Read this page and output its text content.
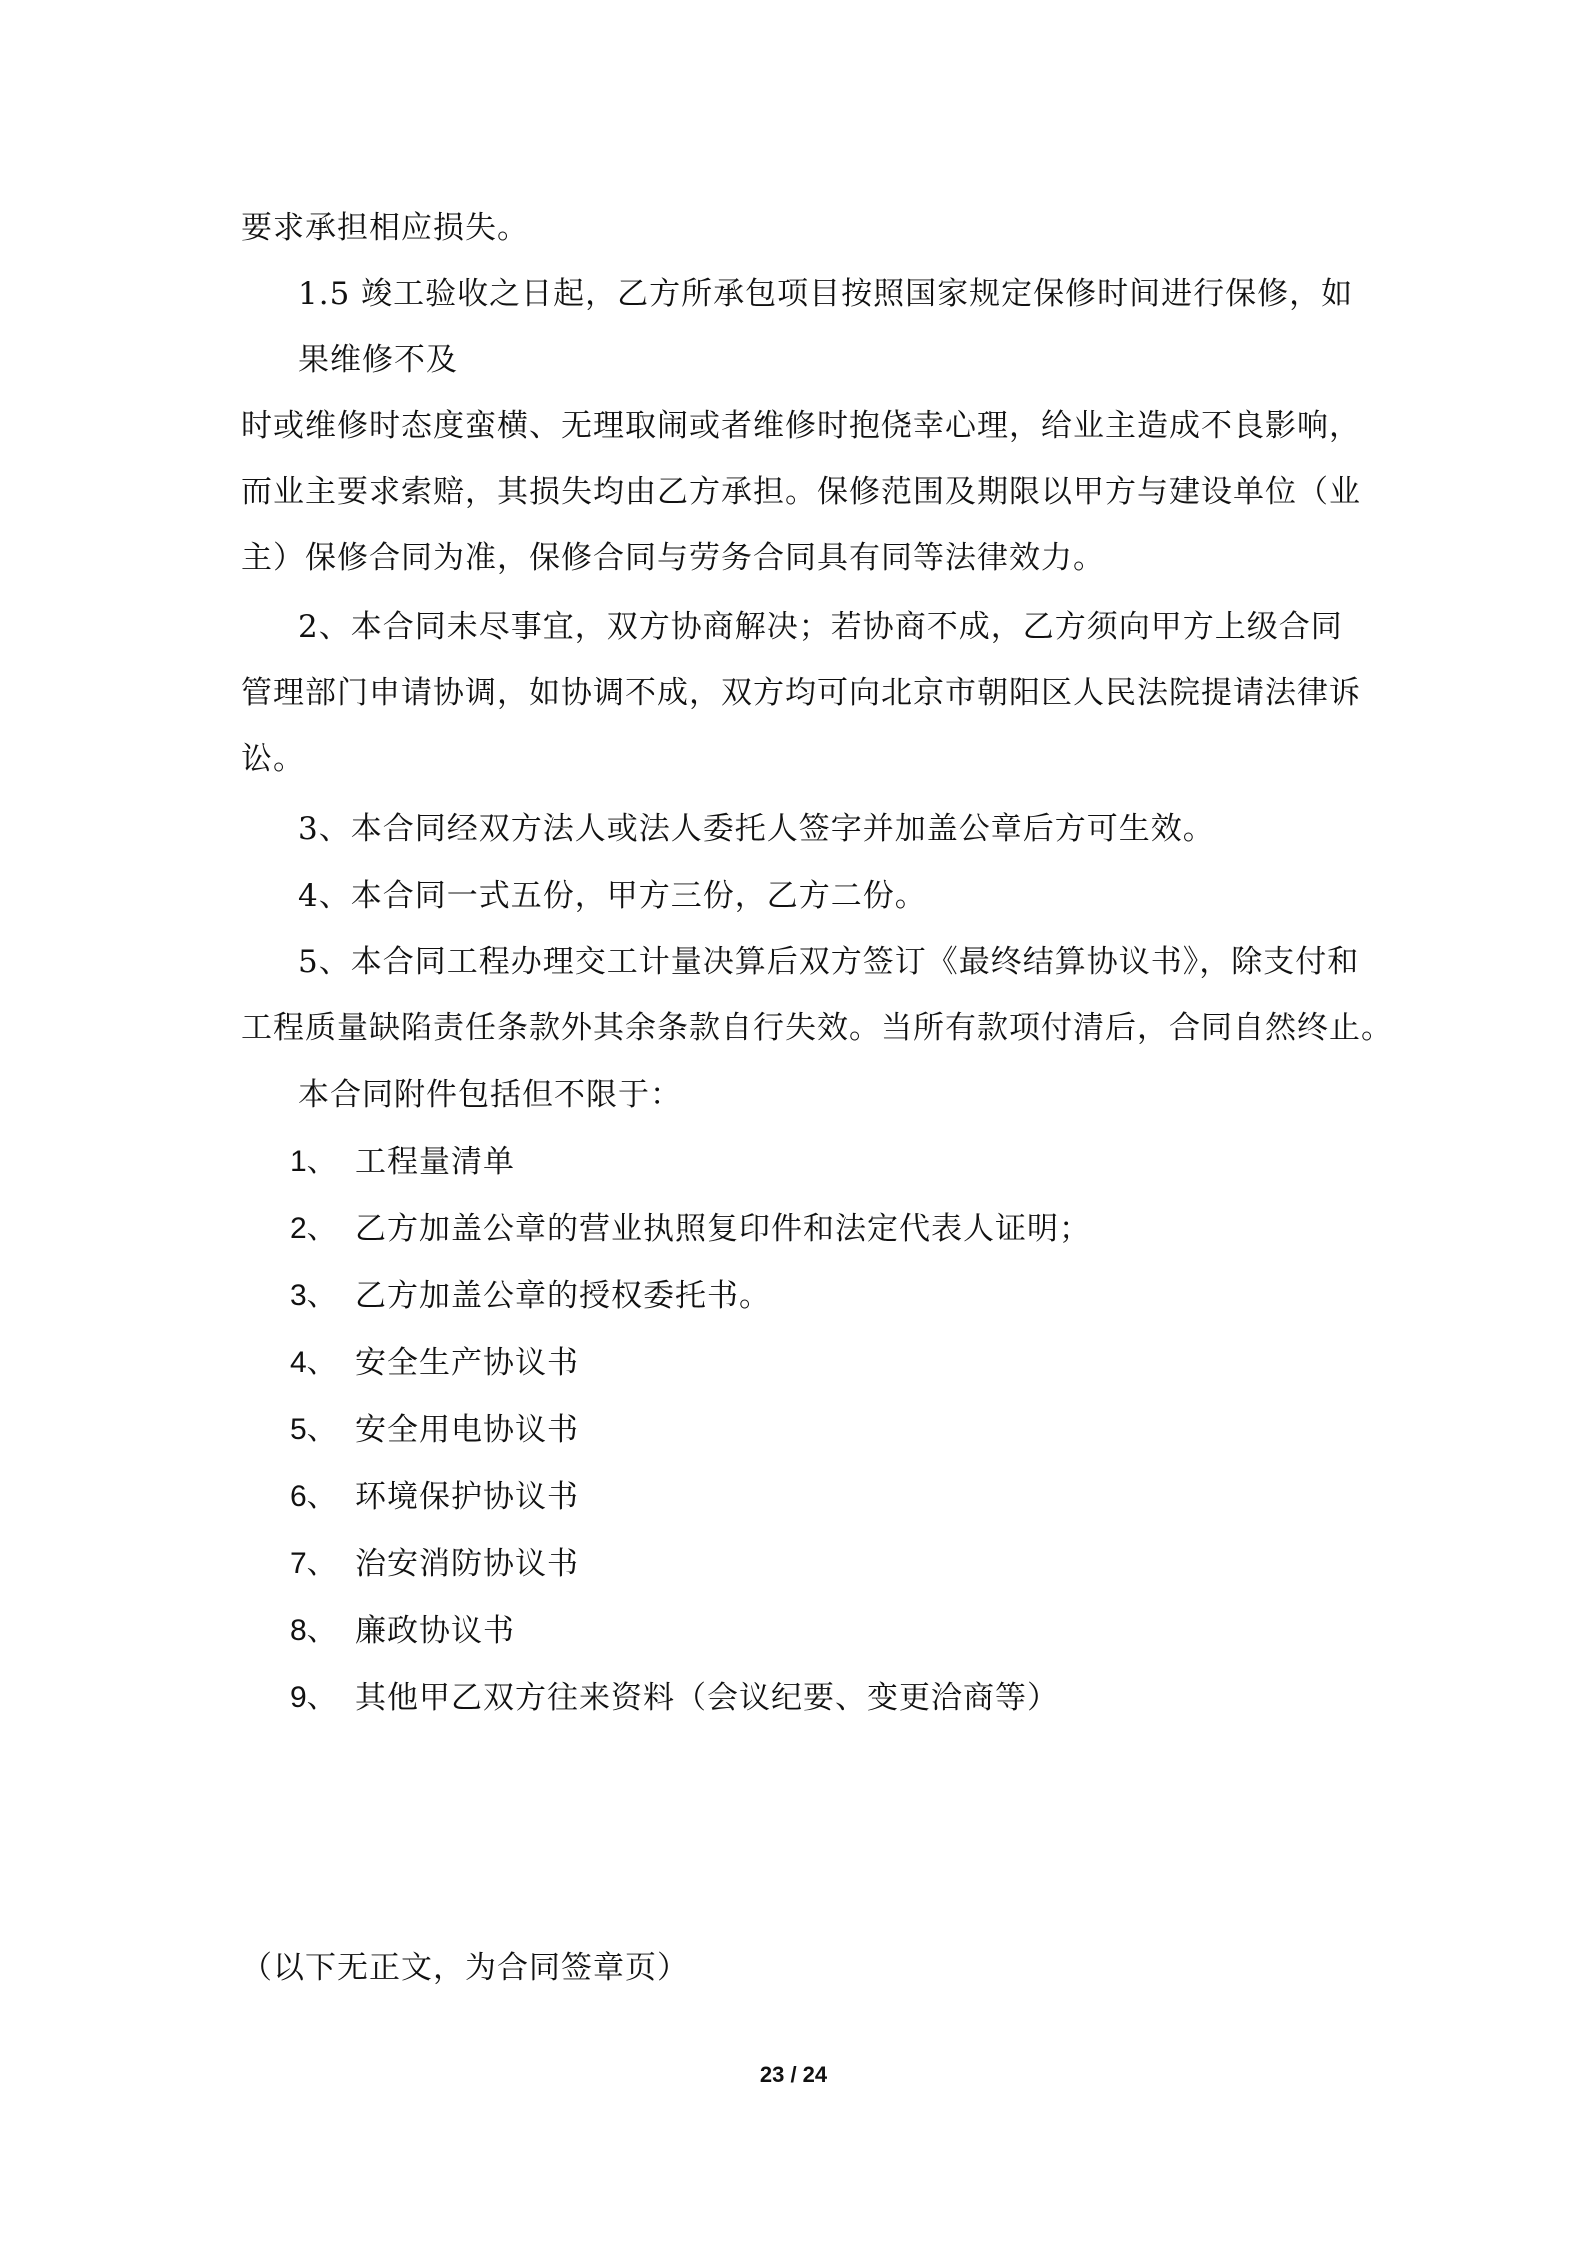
要求承担相应损失。
1.5 竣工验收之日起，乙方所承包项目按照国家规定保修时间进行保修，如
果维修不及
时或维修时态度蛮横、无理取闹或者维修时抱侥幸心理，给业主造成不良影响，
而业主要求索赔，其损失均由乙方承担。保修范围及期限以甲方与建设单位（业
主）保修合同为准，保修合同与劳务合同具有同等法律效力。
2、本合同未尽事宜，双方协商解决；若协商不成，乙方须向甲方上级合同
管理部门申请协调，如协调不成，双方均可向北京市朝阳区人民法院提请法律诉
讼。
3、本合同经双方法人或法人委托人签字并加盖公章后方可生效。
4、本合同一式五份，甲方三份，乙方二份。
5、本合同工程办理交工计量决算后双方签订《最终结算协议书》，除支付和
工程质量缺陷责任条款外其余条款自行失效。当所有款项付清后，合同自然终止。
本合同附件包括但不限于：
1、 工程量清单
2、 乙方加盖公章的营业执照复印件和法定代表人证明；
3、 乙方加盖公章的授权委托书。
4、 安全生产协议书
5、 安全用电协议书
6、 环境保护协议书
7、 治安消防协议书
8、 廉政协议书
9、 其他甲乙双方往来资料（会议纪要、变更洽商等）
（以下无正文，为合同签章页）
23 / 24
